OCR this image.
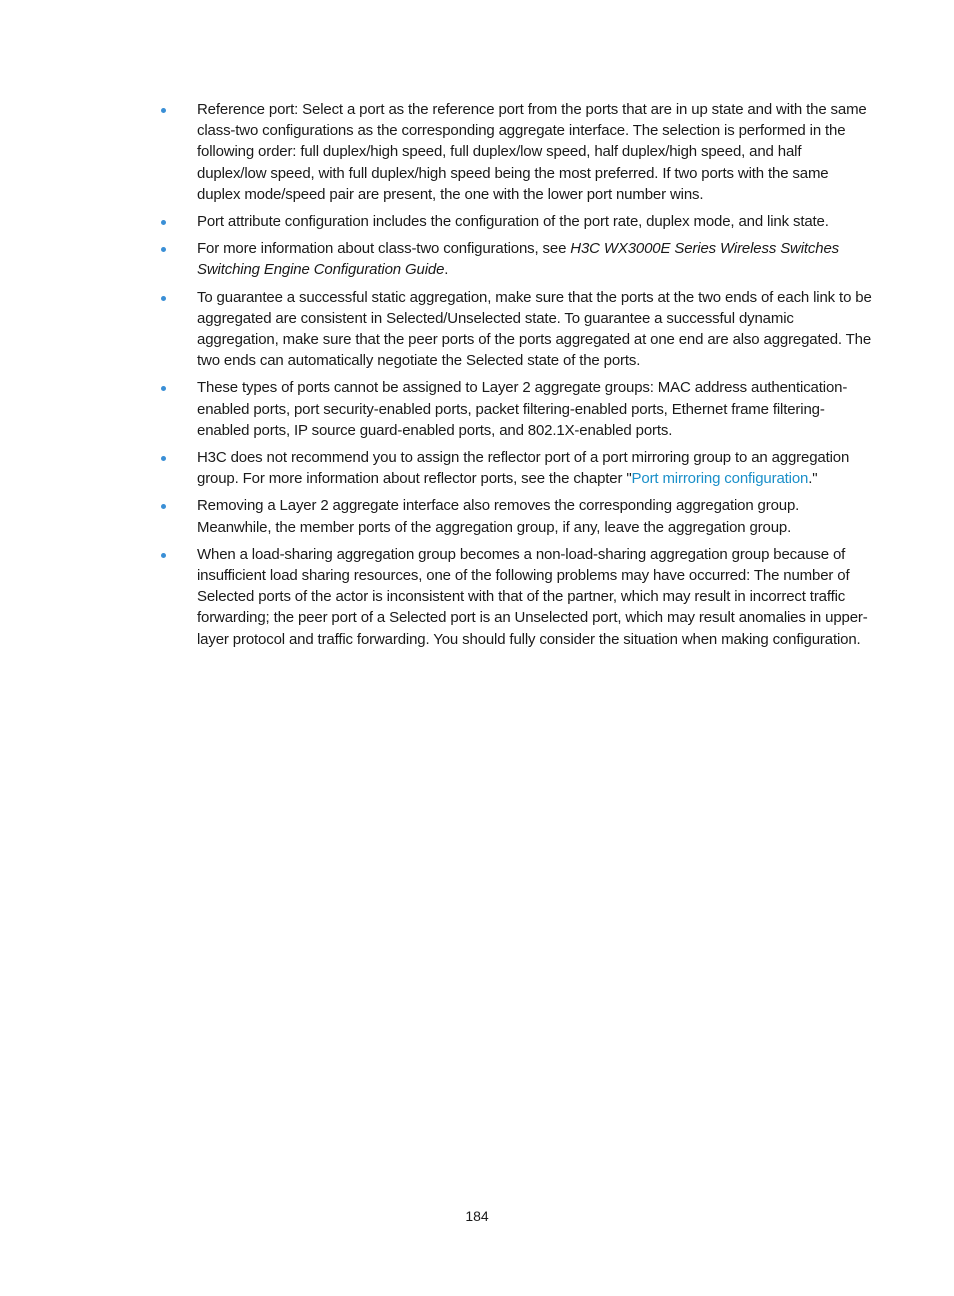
Reference port: Select a port as the reference port from the ports that are in up state and with the same class-two configurations as the corresponding aggregate interface. The selection is performed in the following order: full duplex/high speed, full duplex/low speed, half duplex/high speed, and half duplex/low speed, with full duplex/high speed being the most preferred. If two ports with the same duplex mode/speed pair are present, the one with the lower port number wins.
Port attribute configuration includes the configuration of the port rate, duplex mode, and link state.
For more information about class-two configurations, see H3C WX3000E Series Wireless Switches Switching Engine Configuration Guide.
To guarantee a successful static aggregation, make sure that the ports at the two ends of each link to be aggregated are consistent in Selected/Unselected state. To guarantee a successful dynamic aggregation, make sure that the peer ports of the ports aggregated at one end are also aggregated. The two ends can automatically negotiate the Selected state of the ports.
These types of ports cannot be assigned to Layer 2 aggregate groups: MAC address authentication-enabled ports, port security-enabled ports, packet filtering-enabled ports, Ethernet frame filtering-enabled ports, IP source guard-enabled ports, and 802.1X-enabled ports.
H3C does not recommend you to assign the reflector port of a port mirroring group to an aggregation group. For more information about reflector ports, see the chapter "Port mirroring configuration."
Removing a Layer 2 aggregate interface also removes the corresponding aggregation group. Meanwhile, the member ports of the aggregation group, if any, leave the aggregation group.
When a load-sharing aggregation group becomes a non-load-sharing aggregation group because of insufficient load sharing resources, one of the following problems may have occurred: The number of Selected ports of the actor is inconsistent with that of the partner, which may result in incorrect traffic forwarding; the peer port of a Selected port is an Unselected port, which may result anomalies in upper-layer protocol and traffic forwarding. You should fully consider the situation when making configuration.
184
